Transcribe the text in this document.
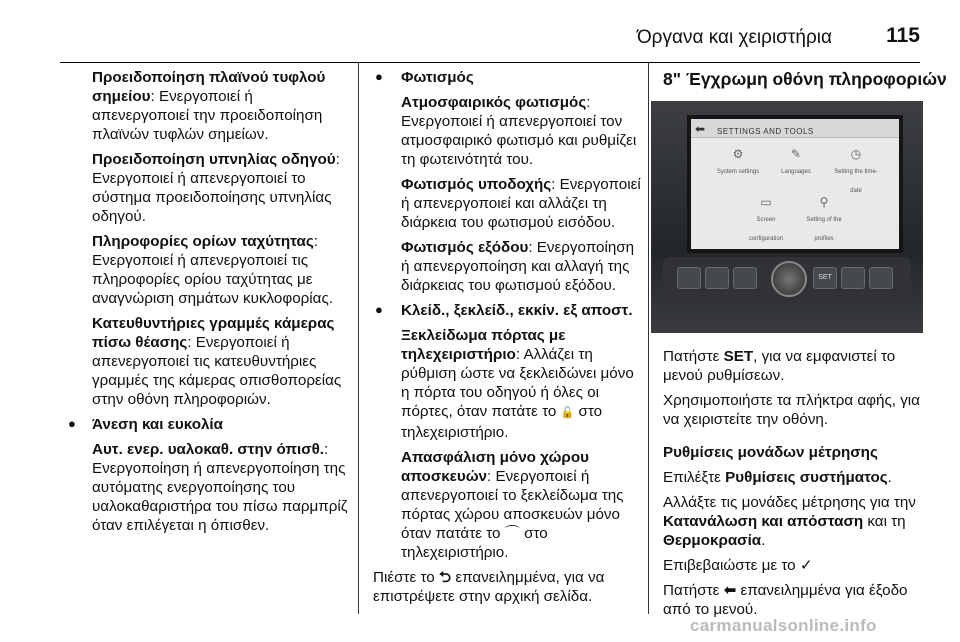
Όργανα και χειριστήρια	115

Προειδοποίηση πλαϊνού τυφλού σημείου: Ενεργοποιεί ή απενεργοποιεί την προειδοποίηση πλαϊνών τυφλών σημείων.

Προειδοποίηση υπνηλίας οδηγού: Ενεργοποιεί ή απενεργοποιεί το σύστημα προειδοποίησης υπνηλίας οδηγού.

Πληροφορίες ορίων ταχύτητας: Ενεργοποιεί ή απενεργοποιεί τις πληροφορίες ορίου ταχύτητας με αναγνώριση σημάτων κυκλοφορίας.

Κατευθυντήριες γραμμές κάμερας πίσω θέασης: Ενεργοποιεί ή απενεργοποιεί τις κατευθυντήριες γραμμές της κάμερας οπισθοπορείας στην οθόνη πληροφοριών.

● Άνεση και ευκολία

Αυτ. ενερ. υαλοκαθ. στην όπισθ.: Ενεργοποίηση ή απενεργοποίηση της αυτόματης ενεργοποίησης του υαλοκαθαριστήρα του πίσω παρμπρίζ όταν επιλέγεται η όπισθεν.

● Φωτισμός

Ατμοσφαιρικός φωτισμός: Ενεργοποιεί ή απενεργοποιεί τον ατμοσφαιρικό φωτισμό και ρυθμίζει τη φωτεινότητά του.

Φωτισμός υποδοχής: Ενεργοποιεί ή απενεργοποιεί και αλλάζει τη διάρκεια του φωτισμού εισόδου.

Φωτισμός εξόδου: Ενεργοποίηση ή απενεργοποίηση και αλλαγή της διάρκειας του φωτισμού εξόδου.

● Κλείδ., ξεκλείδ., εκκίν. εξ αποστ.

Ξεκλείδωμα πόρτας με τηλεχειριστήριο: Αλλάζει τη ρύθμιση ώστε να ξεκλειδώνει μόνο η πόρτα του οδηγού ή όλες οι πόρτες, όταν πατάτε το 🔓 στο τηλεχειριστήριο.

Απασφάλιση μόνο χώρου αποσκευών: Ενεργοποιεί ή απενεργοποιεί το ξεκλείδωμα της πόρτας χώρου αποσκευών μόνο όταν πατάτε το ⌒ στο τηλεχειριστήριο.

Πιέστε το ⮌ επανειλημμένα, για να επιστρέψετε στην αρχική σελίδα.

8" Έγχρωμη οθόνη πληροφοριών
⬅ SETTINGS AND TOOLS
⚙
System settings
✎
Languages
◷
Setting the time-date
▭
Screen configuration
⚲
Setting of the profiles
SET

Πατήστε SET, για να εμφανιστεί το μενού ρυθμίσεων.

Χρησιμοποιήστε τα πλήκτρα αφής, για να χειριστείτε την οθόνη.

Ρυθμίσεις μονάδων μέτρησης

Επιλέξτε Ρυθμίσεις συστήματος.

Αλλάξτε τις μονάδες μέτρησης για την Κατανάλωση και απόσταση και τη Θερμοκρασία.

Επιβεβαιώστε με το ✓

Πατήστε ⬅ επανειλημμένα για έξοδο από το μενού.

carmanualsonline.info
